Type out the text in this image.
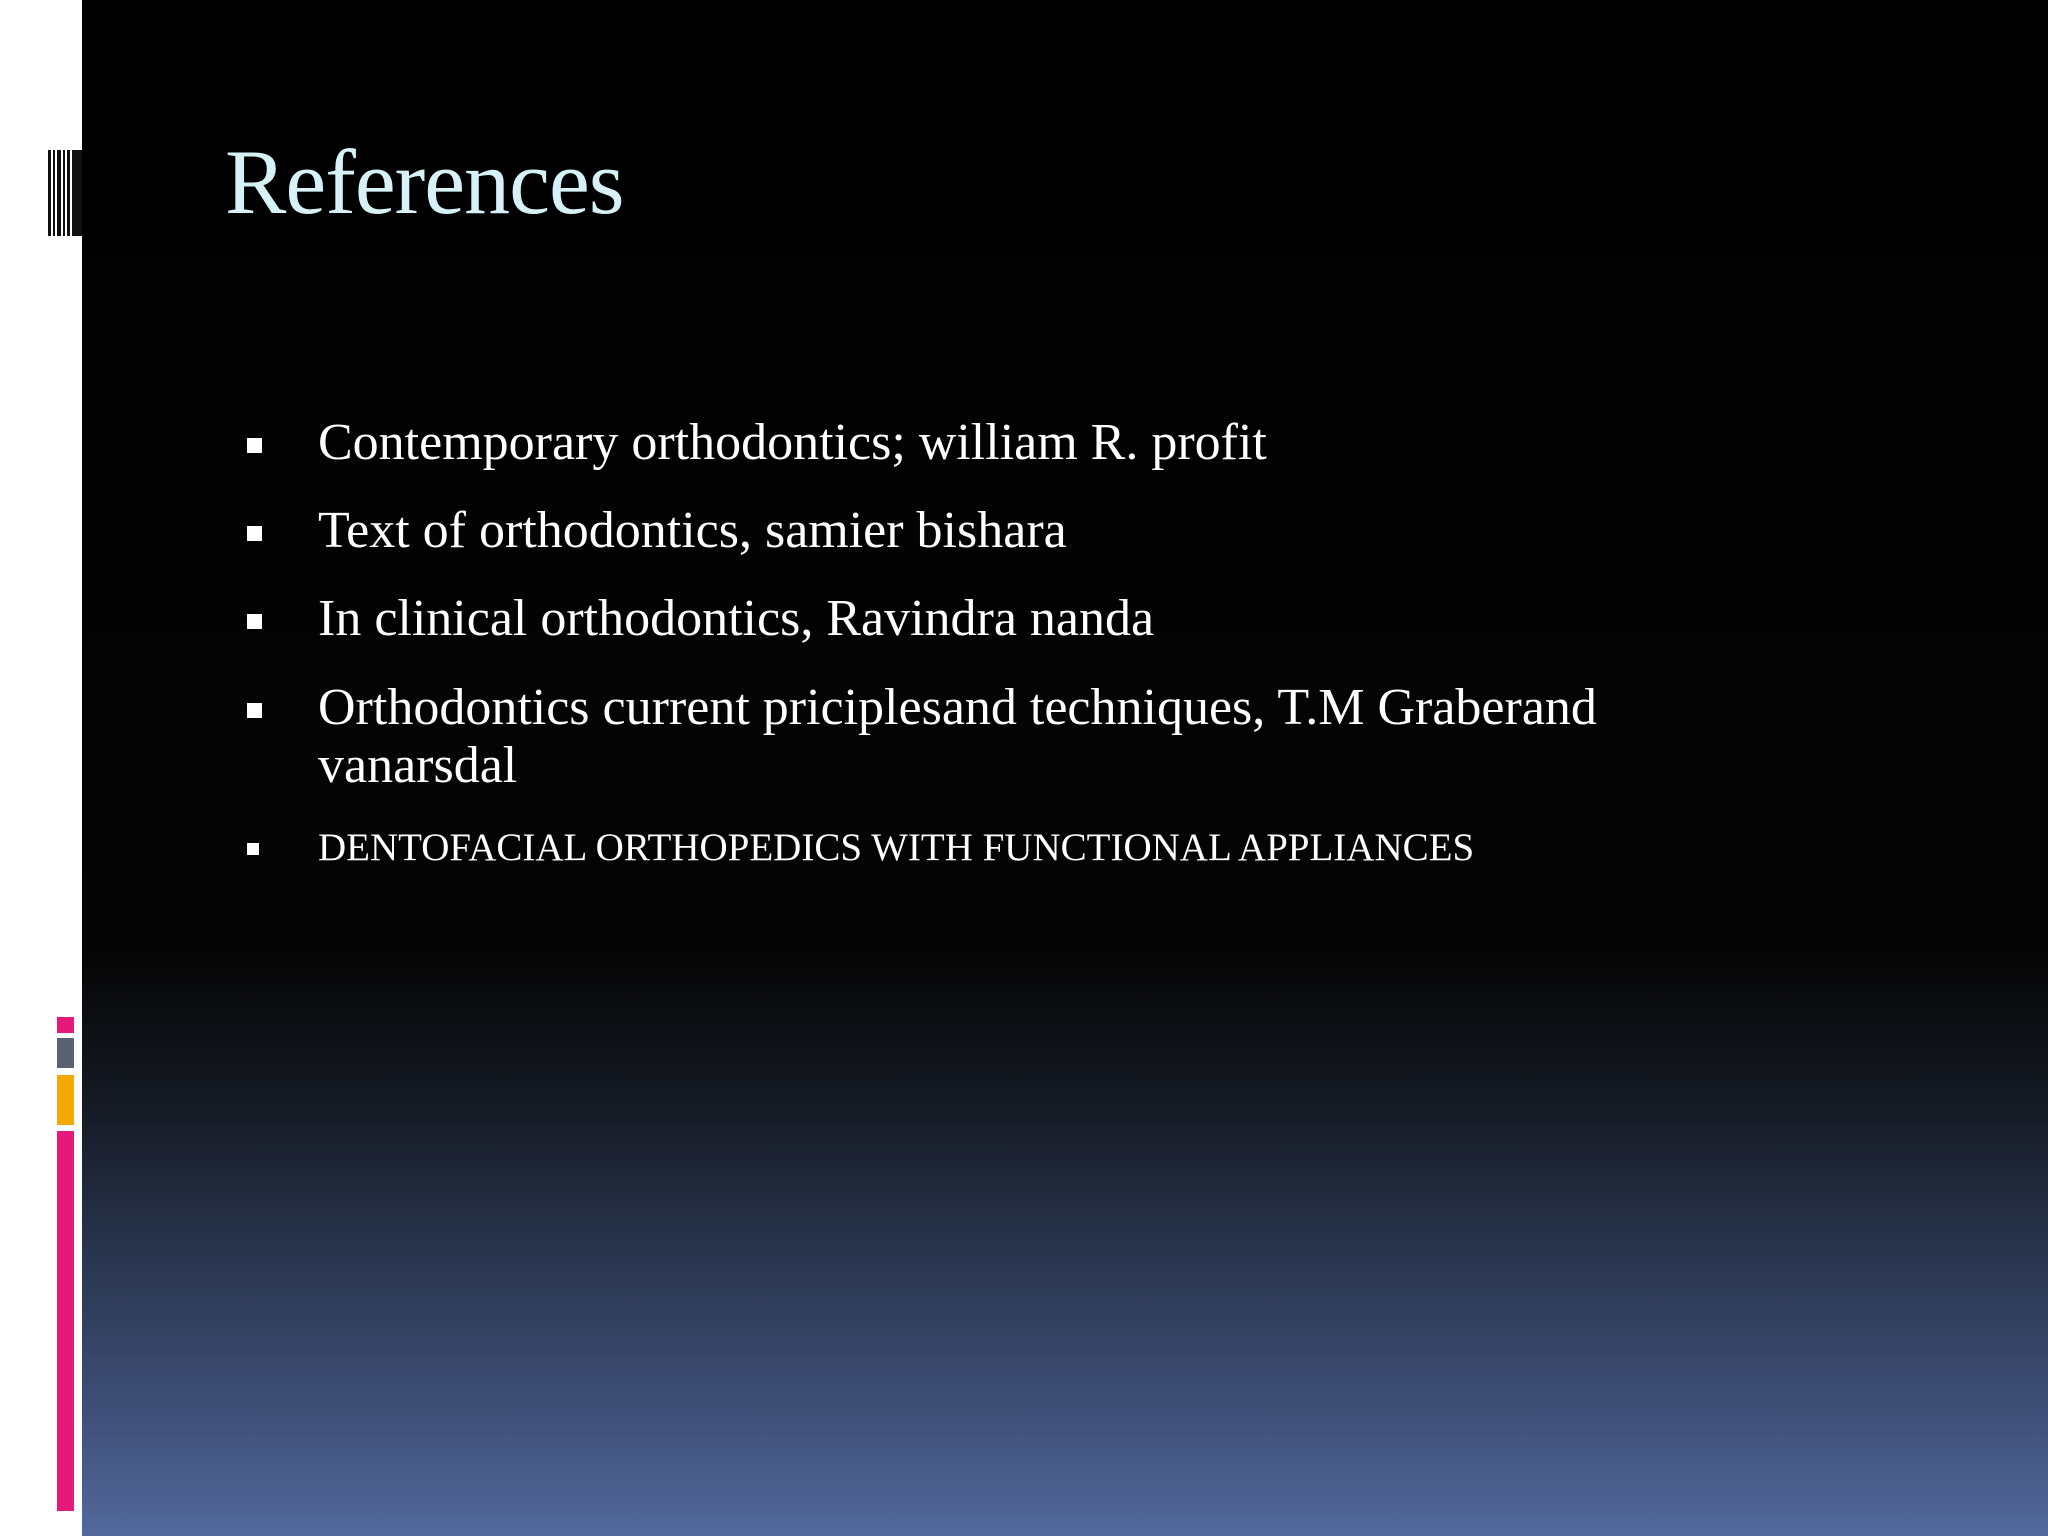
References
Contemporary orthodontics; william R. profit
Text of orthodontics, samier bishara
In clinical orthodontics, Ravindra nanda
Orthodontics current priciplesand techniques, T.M Graberand vanarsdal
DENTOFACIAL ORTHOPEDICS WITH FUNCTIONAL APPLIANCES
